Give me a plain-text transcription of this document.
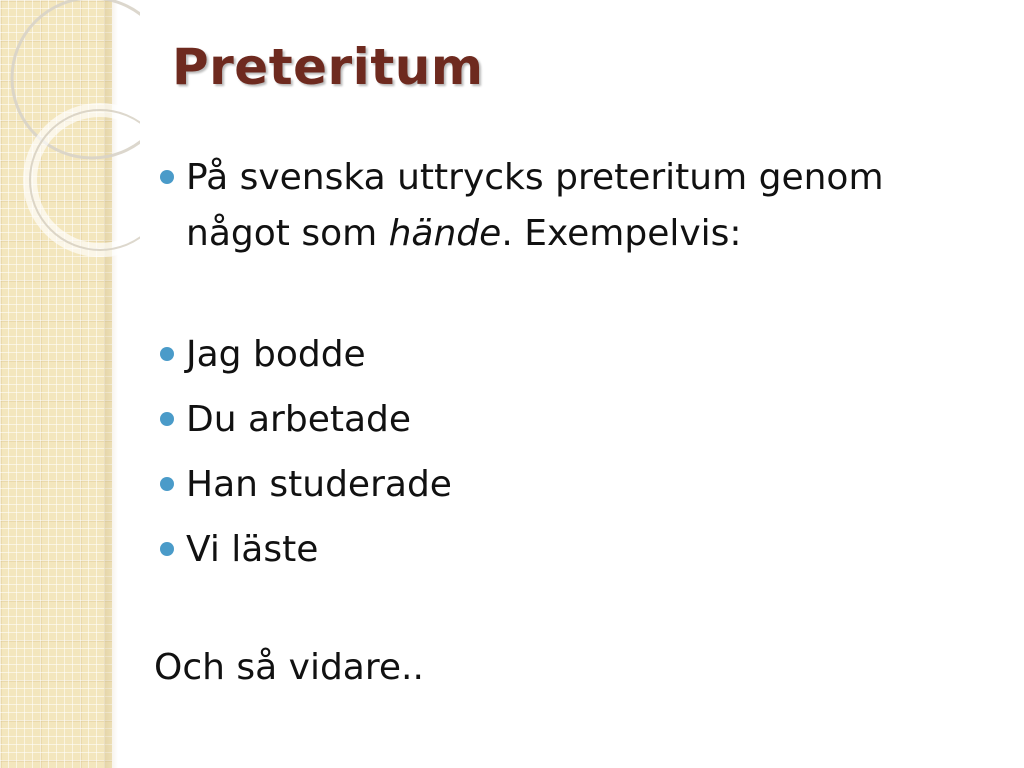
Preteritum

På svenska uttrycks preteritum genom något som hände. Exempelvis:

Jag bodde

Du arbetade

Han studerade

Vi läste

Och så vidare..
